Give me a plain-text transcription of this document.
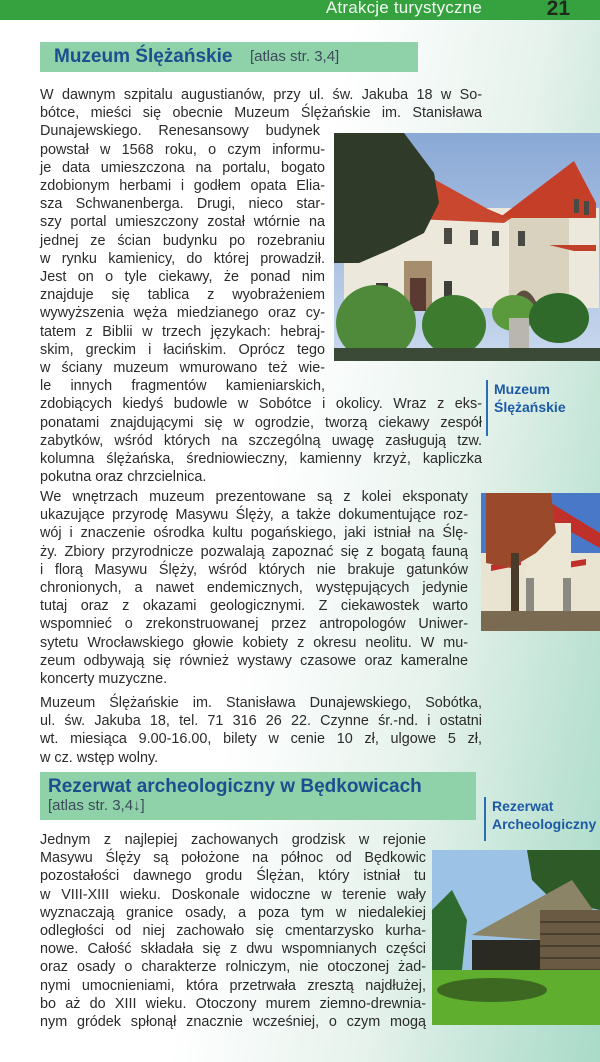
Atrakcje turystyczne	21
Muzeum Ślężańskie [atlas str. 3,4]
W dawnym szpitalu augustianów, przy ul. św. Jakuba 18 w So-
bótce, mieści się obecnie Muzeum Ślężańskie im. Stanisława
Dunajewskiego. Renesansowy budynek
powstał w 1568 roku, o czym informu-
je data umieszczona na portalu, bogato
zdobionym herbami i godłem opata Elia-
sza Schwanenberga. Drugi, nieco star-
szy portal umieszczony został wtórnie na
jednej ze ścian budynku po rozebraniu
w rynku kamienicy, do której prowadził.
Jest on o tyle ciekawy, że ponad nim
znajduje się tablica z wyobrażeniem
wywyższenia węża miedzianego oraz cy-
tatem z Biblii w trzech językach: hebraj-
skim, greckim i łacińskim. Oprócz tego
w ściany muzeum wmurowano też wie-
le innych fragmentów kamieniarskich,
zdobiących kiedyś budowle w Sobótce i okolicy. Wraz z eks-
ponatami znajdującymi się w ogrodzie, tworzą ciekawy zespół
zabytków, wśród których na szczególną uwagę zasługują tzw.
kolumna ślężańska, średniowieczny, kamienny krzyż, kapliczka
pokutna oraz chrzcielnica.
Muzeum
Ślężańskie
We wnętrzach muzeum prezentowane są z kolei eksponaty
ukazujące przyrodę Masywu Ślęży, a także dokumentujące roz-
wój i znaczenie ośrodka kultu pogańskiego, jaki istniał na Ślę-
ży. Zbiory przyrodnicze pozwalają zapoznać się z bogatą fauną
i florą Masywu Ślęży, wśród których nie brakuje gatunków
chronionych, a nawet endemicznych, występujących jedynie
tutaj oraz z okazami geologicznymi. Z ciekawostek warto
wspomnieć o zrekonstruowanej przez antropologów Uniwer-
sytetu Wrocławskiego głowie kobiety z okresu neolitu. W mu-
zeum odbywają się również wystawy czasowe oraz kameralne
koncerty muzyczne.
Muzeum Ślężańskie im. Stanisława Dunajewskiego, Sobótka,
ul. św. Jakuba 18, tel. 71 316 26 22. Czynne śr.-nd. i ostatni
wt. miesiąca 9.00-16.00, bilety w cenie 10 zł, ulgowe 5 zł,
w cz. wstęp wolny.
Rezerwat archeologiczny w Będkowicach
[atlas str. 3,4↓]	Rezerwat
Archeologiczny
Jednym z najlepiej zachowanych grodzisk w rejonie
Masywu Ślęży są położone na północ od Będkowic
pozostałości dawnego grodu Ślężan, który istniał tu
w VIII-XIII wieku. Doskonale widoczne w terenie wały
wyznaczają granice osady, a poza tym w niedalekiej
odległości od niej zachowało się cmentarzysko kurha-
nowe. Całość składała się z dwu wspomnianych części
oraz osady o charakterze rolniczym, nie otoczonej żad-
nymi umocnieniami, która przetrwała zresztą najdłużej,
bo aż do XIII wieku. Otoczony murem ziemno-drewnia-
nym gródek spłonął znacznie wcześniej, o czym mogą
